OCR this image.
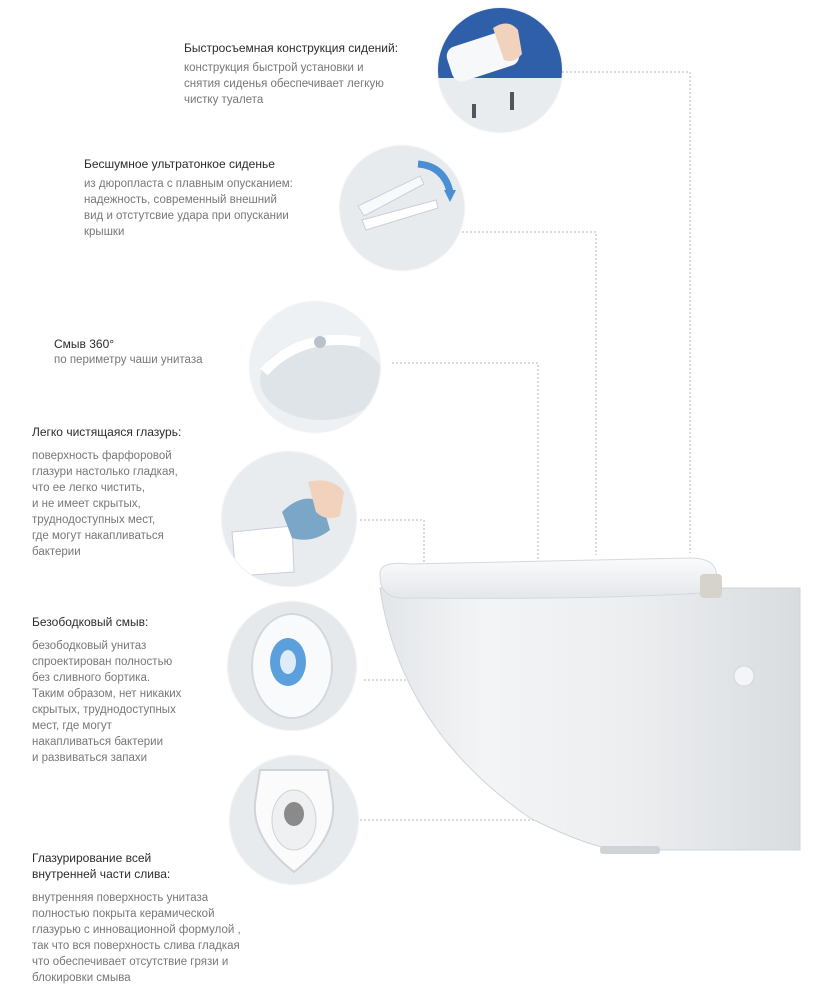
Быстросъемная конструкция сидений:

конструкция быстрой установки и
снятия сиденья обеспечивает легкую
чистку туалета

Бесшумное ультратонкое сиденье

из дюропласта с плавным опусканием:
надежность, современный внешний
вид и отстутсвие удара при опускании
крышки

Смыв 360°

по периметру чаши унитаза

Легко чистящаяся глазурь:

поверхность фарфоровой
глазури настолько гладкая,
что ее легко чистить,
и не имеет скрытых,
труднодоступных мест,
где могут накапливаться
бактерии

Безободковый смыв:

безободковый унитаз
спроектирован полностью
без сливного бортика.
Таким образом, нет никаких
скрытых, труднодоступных
мест, где могут
накапливаться бактерии
и развиваться запахи

Глазурирование всей
внутренней части слива:

внутренняя поверхность унитаза
полностью покрыта керамической
глазурью с инновационной формулой ,
так что вся поверхность слива гладкая
что обеспечивает отсутствие грязи и
блокировки смыва
